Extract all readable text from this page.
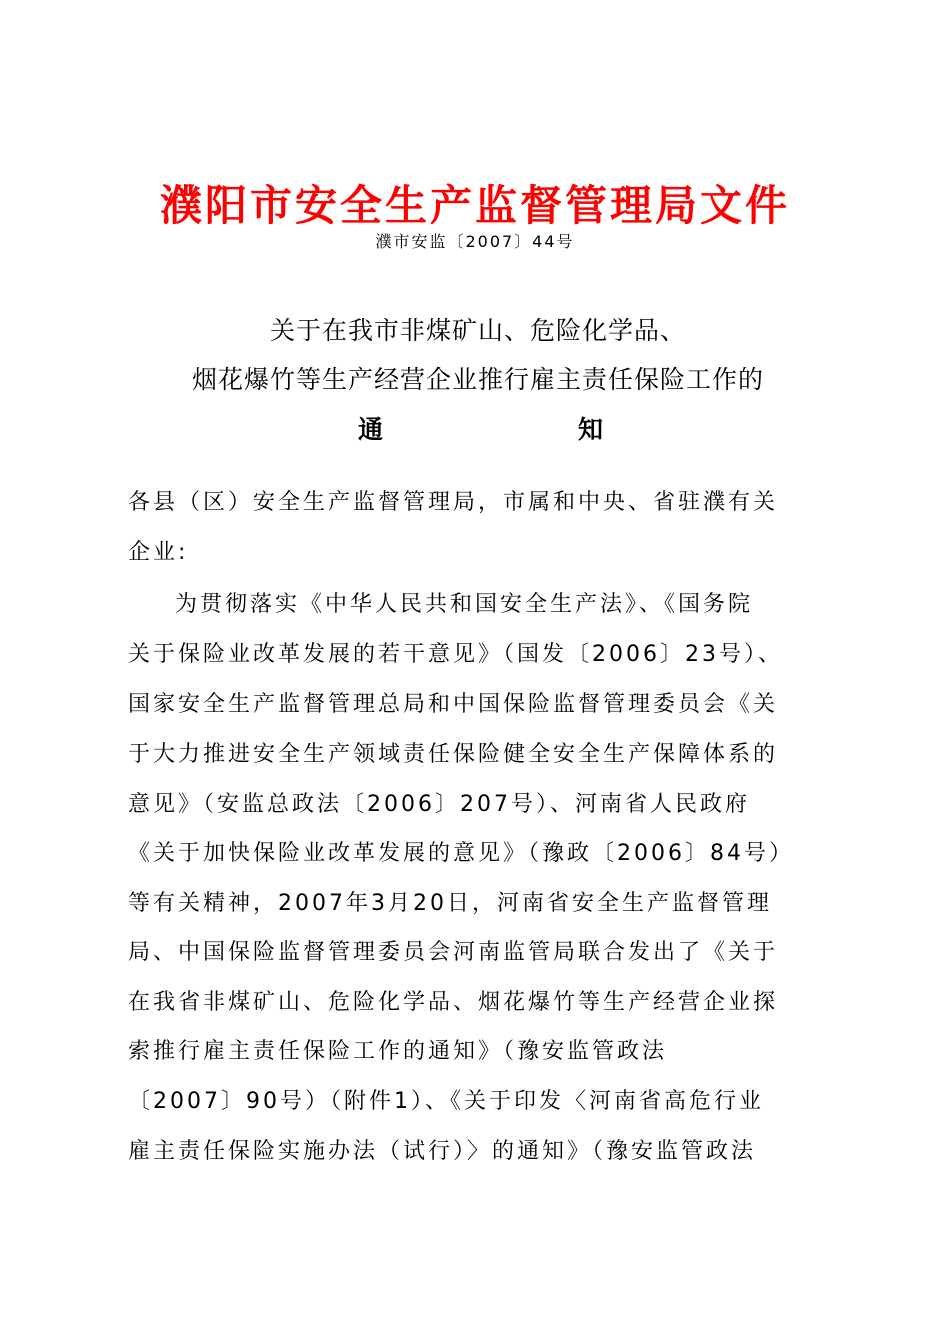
濮阳市安全生产监督管理局文件
濮市安监〔2007〕44号
关于在我市非煤矿山、危险化学品、
烟花爆竹等生产经营企业推行雇主责任保险工作的
通	知
各县（区）安全生产监督管理局，市属和中央、省驻濮有关
企业:
　为贯彻落实《中华人民共和国安全生产法》、《国务院
关于保险业改革发展的若干意见》（国发〔2006〕23号）、
国家安全生产监督管理总局和中国保险监督管理委员会《关
于大力推进安全生产领域责任保险健全安全生产保障体系的
意见》（安监总政法〔2006〕207号）、河南省人民政府
《关于加快保险业改革发展的意见》（豫政〔2006〕84号）
等有关精神，2007年3月20日，河南省安全生产监督管理
局、中国保险监督管理委员会河南监管局联合发出了《关于
在我省非煤矿山、危险化学品、烟花爆竹等生产经营企业探
索推行雇主责任保险工作的通知》（豫安监管政法
〔2007〕90号）（附件1）、《关于印发〈河南省高危行业
雇主责任保险实施办法（试行）〉的通知》（豫安监管政法
